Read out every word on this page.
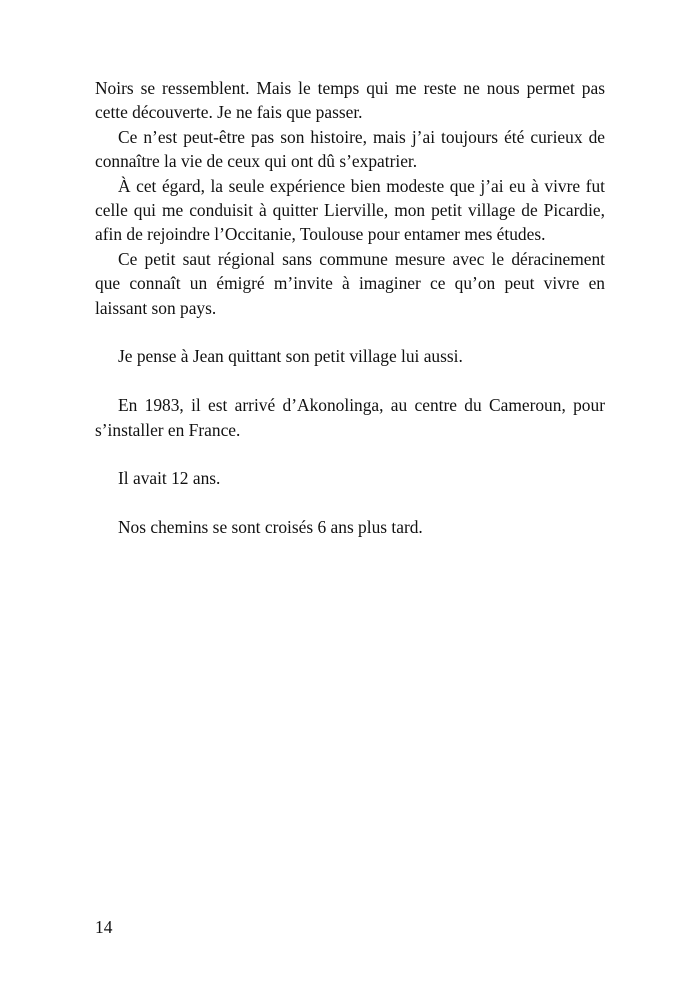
Noirs se ressemblent. Mais le temps qui me reste ne nous permet pas cette découverte. Je ne fais que passer.

Ce n’est peut-être pas son histoire, mais j’ai toujours été curieux de connaître la vie de ceux qui ont dû s’expatrier.

À cet égard, la seule expérience bien modeste que j’ai eu à vivre fut celle qui me conduisit à quitter Lierville, mon petit village de Picardie, afin de rejoindre l’Occitanie, Toulouse pour entamer mes études.

Ce petit saut régional sans commune mesure avec le déracinement que connaît un émigré m’invite à imaginer ce qu’on peut vivre en laissant son pays.

Je pense à Jean quittant son petit village lui aussi.

En 1983, il est arrivé d’Akonolinga, au centre du Cameroun, pour s’installer en France.

Il avait 12 ans.

Nos chemins se sont croisés 6 ans plus tard.

14
